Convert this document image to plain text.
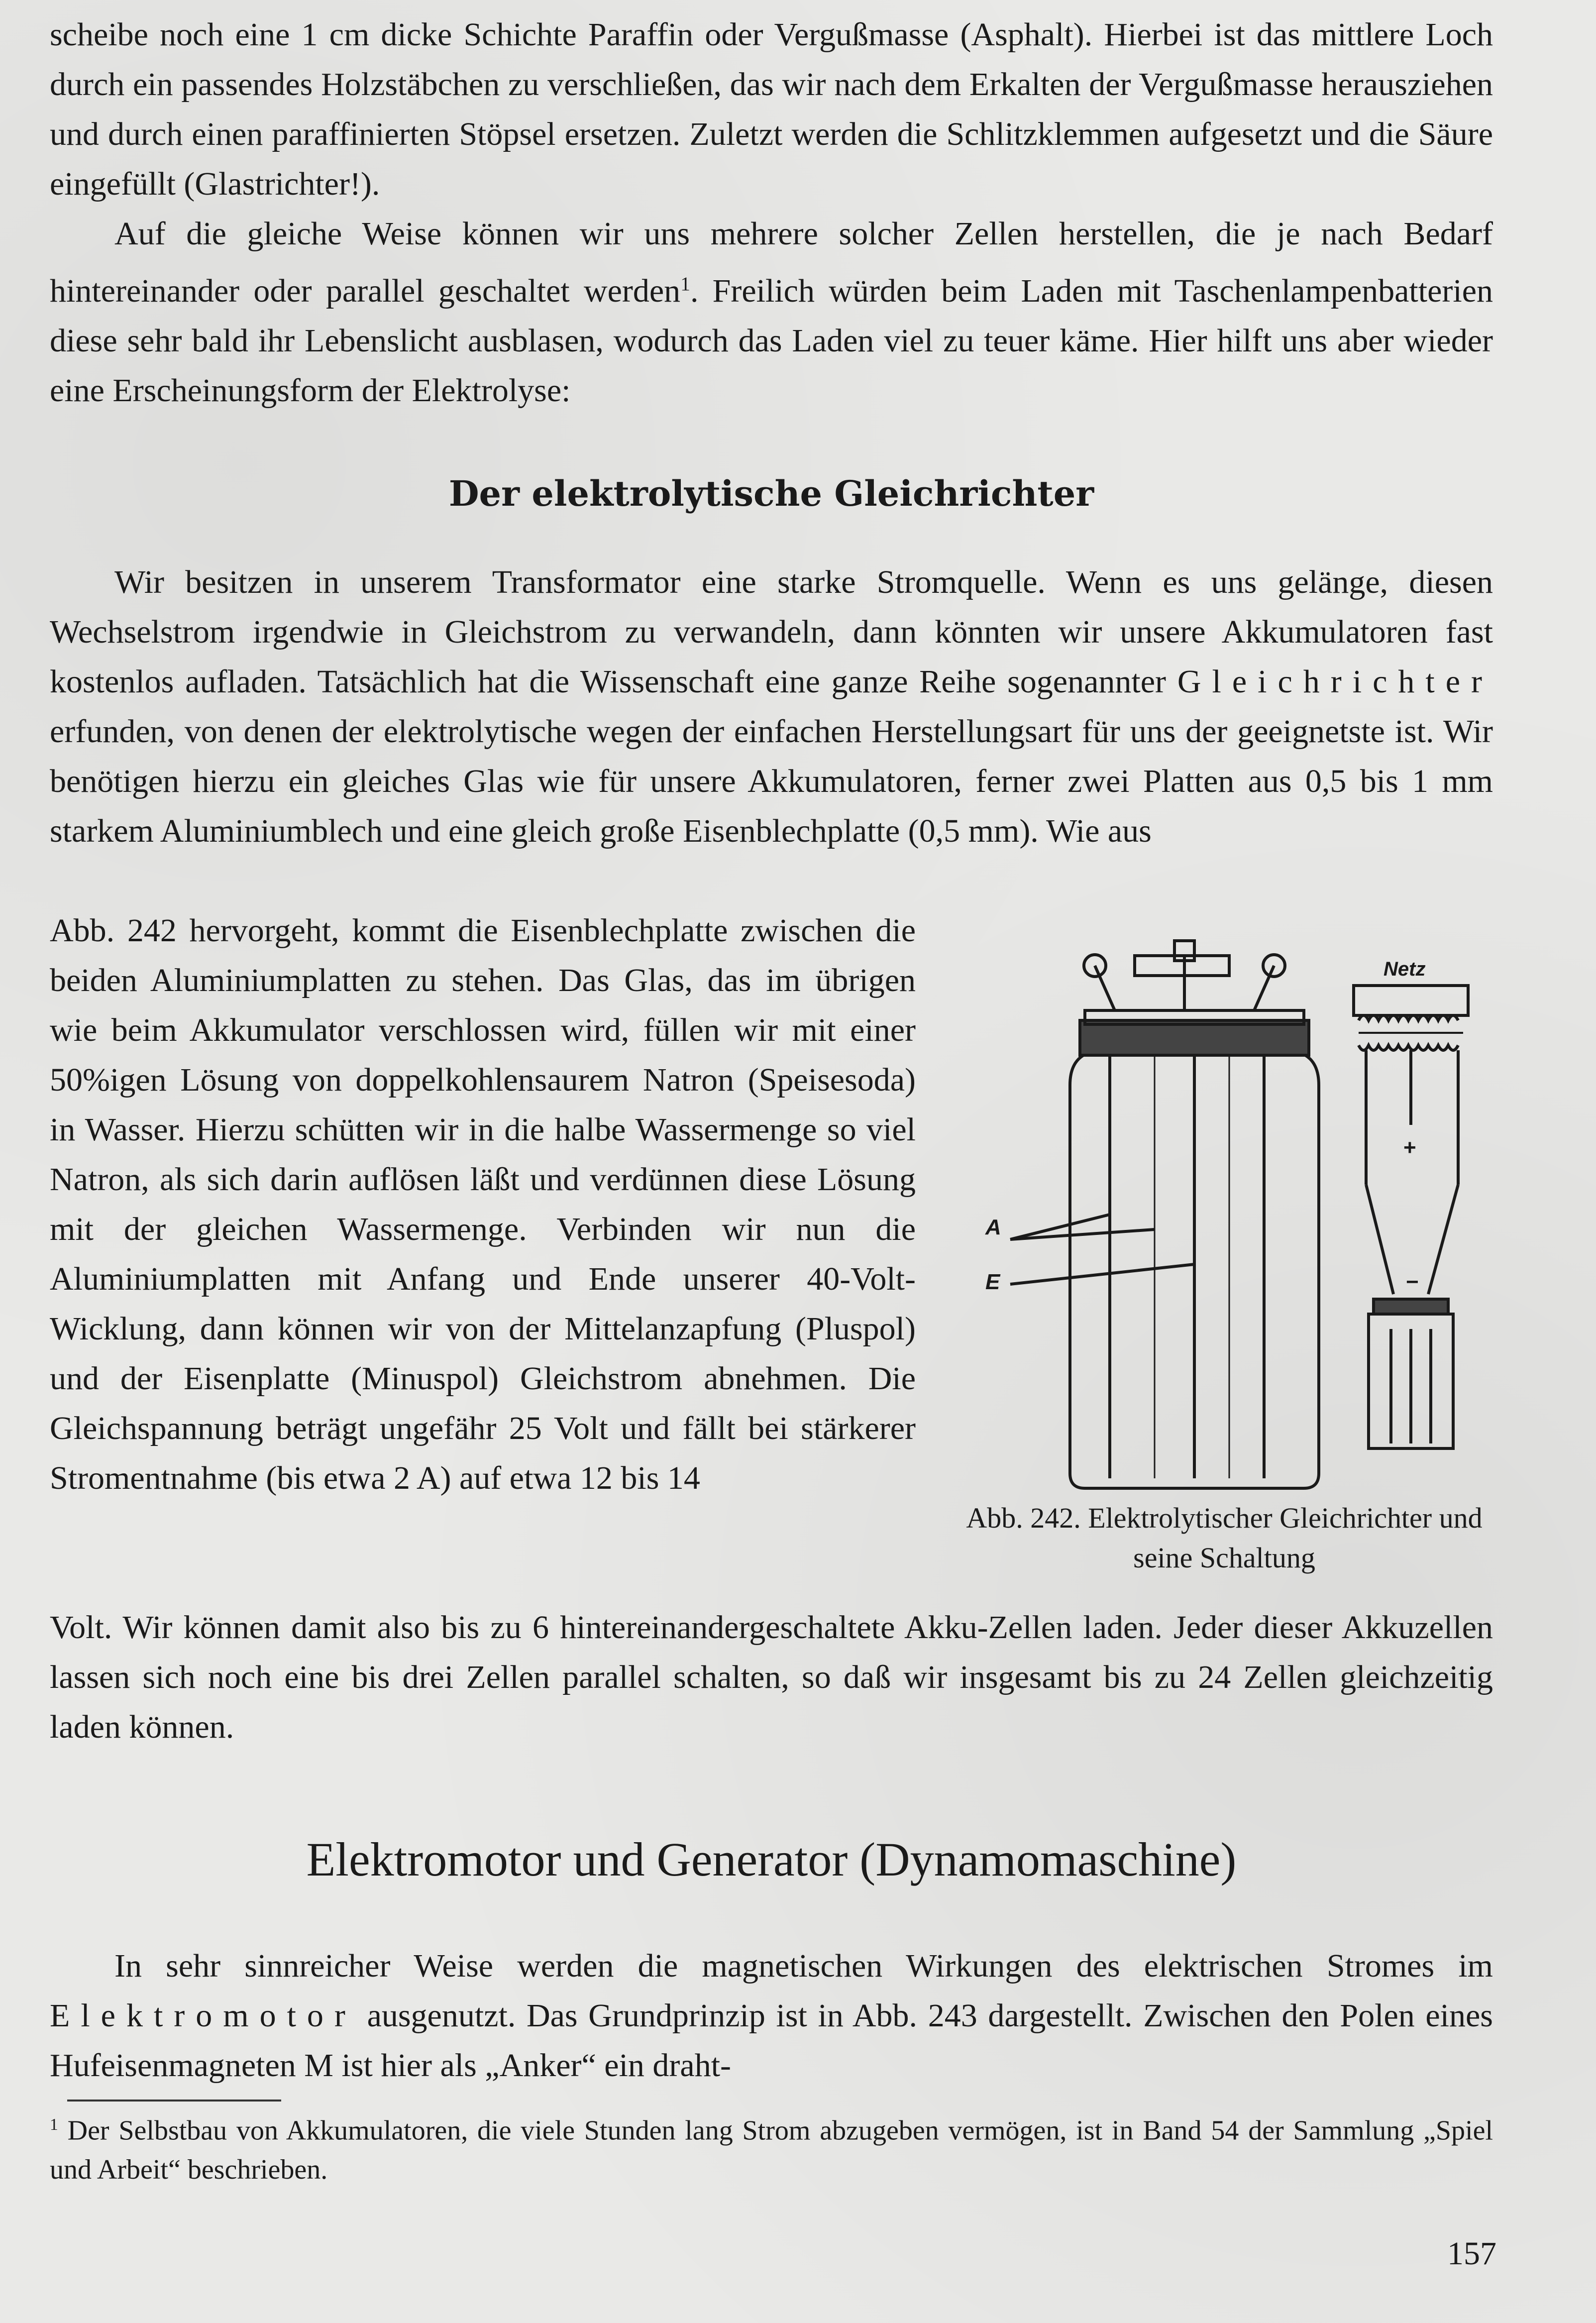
scheibe noch eine 1 cm dicke Schichte Paraffin oder Vergußmasse (Asphalt). Hierbei ist das mittlere Loch durch ein passendes Holzstäbchen zu verschließen, das wir nach dem Erkalten der Vergußmasse herausziehen und durch einen paraffinierten Stöpsel ersetzen. Zuletzt werden die Schlitzklemmen aufgesetzt und die Säure eingefüllt (Glastrichter!).

Auf die gleiche Weise können wir uns mehrere solcher Zellen herstellen, die je nach Bedarf hintereinander oder parallel geschaltet werden$^1$. Freilich würden beim Laden mit Taschenlampenbatterien diese sehr bald ihr Lebenslicht ausblasen, wodurch das Laden viel zu teuer käme. Hier hilft uns aber wieder eine Erscheinungsform der Elektrolyse:

Der elektrolytische Gleichrichter

Wir besitzen in unserem Transformator eine starke Stromquelle. Wenn es uns gelänge, diesen Wechselstrom irgendwie in Gleichstrom zu verwandeln, dann könnten wir unsere Akkumulatoren fast kostenlos aufladen. Tatsächlich hat die Wissenschaft eine ganze Reihe sogenannter Gleichrichter erfunden, von denen der elektrolytische wegen der einfachen Herstellungsart für uns der geeignetste ist. Wir benötigen hierzu ein gleiches Glas wie für unsere Akkumulatoren, ferner zwei Platten aus 0,5 bis 1 mm starkem Aluminiumblech und eine gleich große Eisenblechplatte (0,5 mm). Wie aus

Abb. 242 hervorgeht, kommt die Eisenblechplatte zwischen die beiden Aluminiumplatten zu stehen. Das Glas, das im übrigen wie beim Akkumulator verschlossen wird, füllen wir mit einer 50%igen Lösung von doppelkohlensaurem Natron (Speisesoda) in Wasser. Hierzu schütten wir in die halbe Wassermenge so viel Natron, als sich darin auflösen läßt und verdünnen diese Lösung mit der gleichen Wassermenge. Verbinden wir nun die Aluminiumplatten mit Anfang und Ende unserer 40-Volt-Wicklung, dann können wir von der Mittelanzapfung (Pluspol) und der Eisenplatte (Minuspol) Gleichstrom abnehmen. Die Gleichspannung beträgt ungefähr 25 Volt und fällt bei stärkerer Stromentnahme (bis etwa 2 A) auf etwa 12 bis 14

Volt. Wir können damit also bis zu 6 hintereinandergeschaltete Akku-Zellen laden. Jeder dieser Akkuzellen lassen sich noch eine bis drei Zellen parallel schalten, so daß wir insgesamt bis zu 24 Zellen gleichzeitig laden können.

A
E
Netz
+
−
Abb. 242. Elektrolytischer Gleichrichter und seine Schaltung
Elektromotor und Generator (Dynamomaschine)

In sehr sinnreicher Weise werden die magnetischen Wirkungen des elektrischen Stromes im Elektromotor ausgenutzt. Das Grundprinzip ist in Abb. 243 dargestellt. Zwischen den Polen eines Hufeisenmagneten M ist hier als „Anker“ ein draht-

$^1$ Der Selbstbau von Akkumulatoren, die viele Stunden lang Strom abzugeben vermögen, ist in Band 54 der Sammlung „Spiel und Arbeit“ beschrieben.
157
